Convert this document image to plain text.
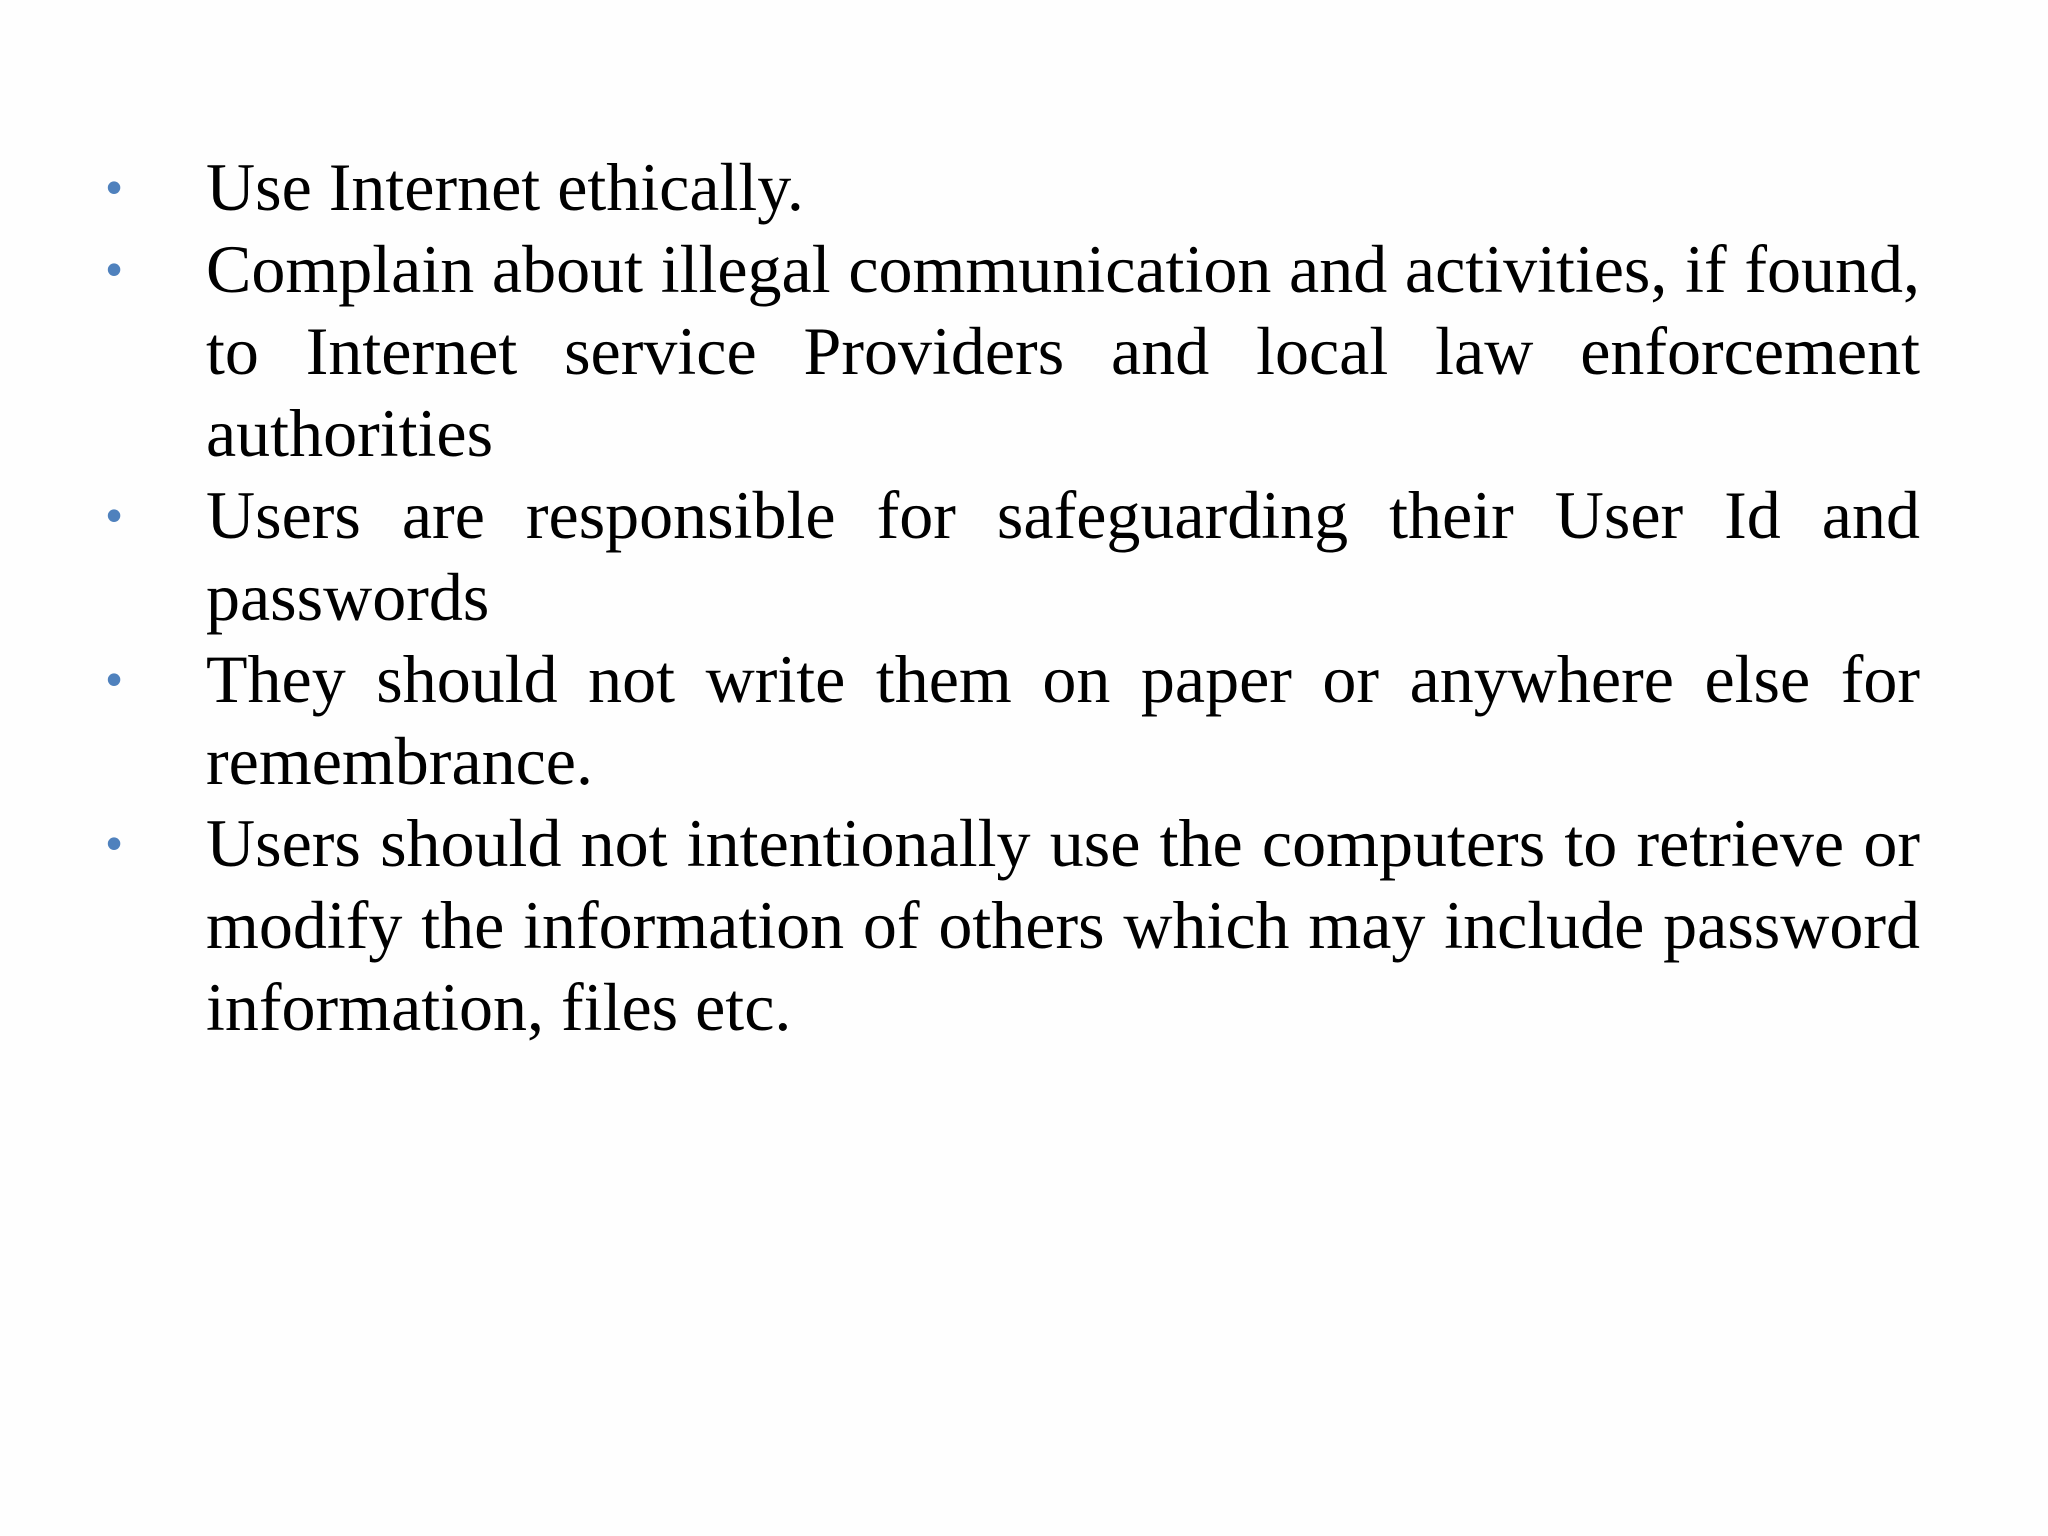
•	Use Internet ethically.
•	Complain about illegal communication and activities, if found, to Internet service Providers and local law enforcement authorities
•	Users are responsible for safeguarding their User Id and passwords
•	They should not write them on paper or anywhere else for remembrance.
•	Users should not intentionally use the computers to retrieve or modify the information of others which may include password information, files etc.
